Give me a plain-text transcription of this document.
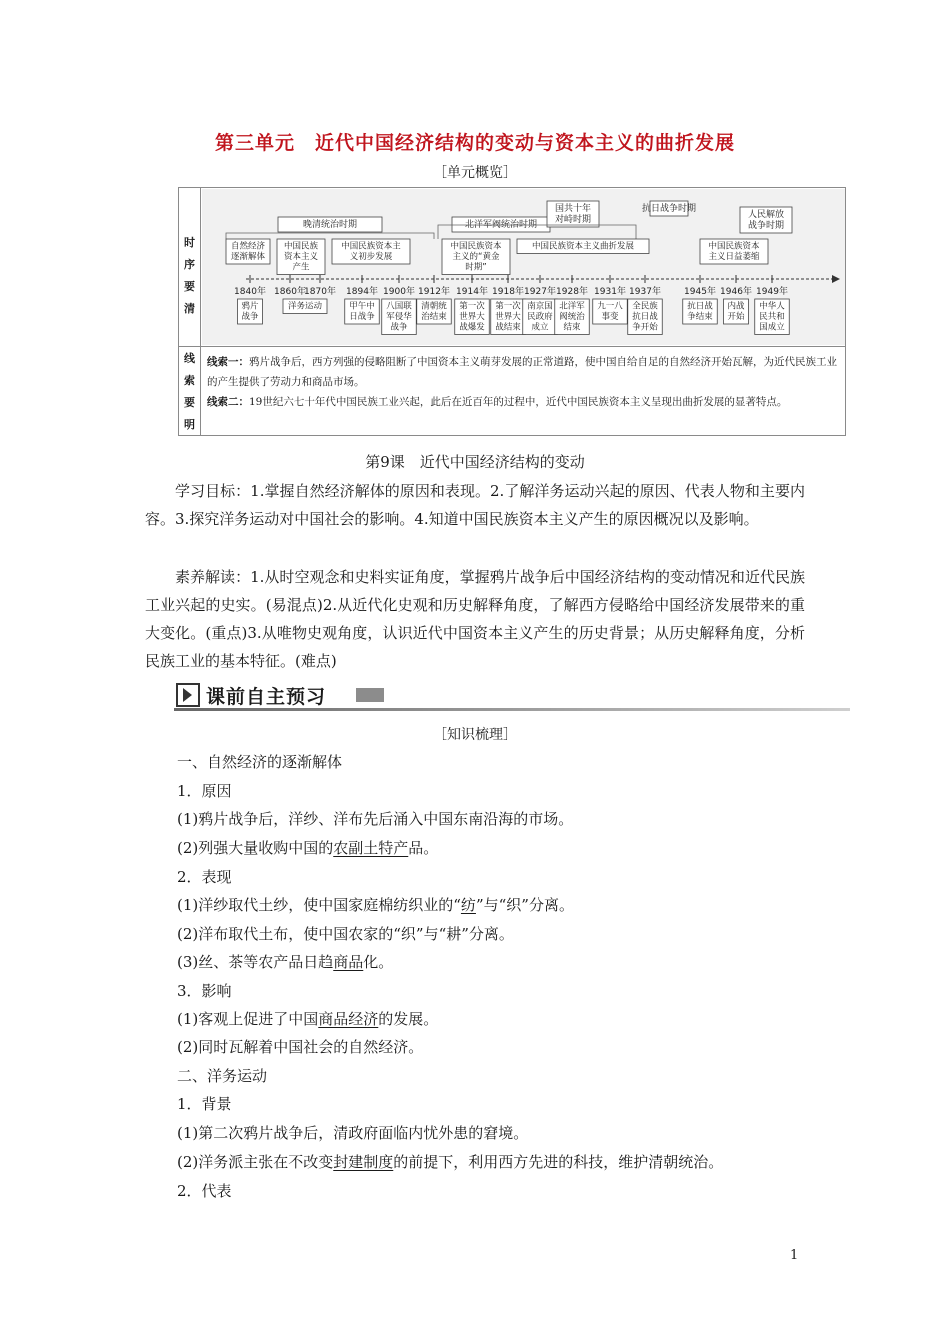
第三单元　近代中国经济结构的变动与资本主义的曲折发展
［单元概览］
时
序
要
清
线
索
要
明
晚清统治时期	北洋军阀统治时期
国共十年
对峙时期
抗日战争时期
人民解放
战争时期
自然经济
逐渐解体
中国民族
资本主义
产生
中国民族资本主
义初步发展
中国民族资本
主义的“黄金
时期”
中国民族资本主义曲折发展	中国民族资本
主义日益萎缩
1840年 1860年
1870年 1894年 1900年 1912年 1914年 1918年 1927年 1928年 1931年 1937年	1945年 1946年 1949年
鸦片
战争
洋务运动	甲午中
日战争
八国联
军侵华
战争
清朝统
治结束
第一次
世界大
战爆发
第一次
世界大
战结束
南京国
民政府
成立
北洋军
阀统治
结束
九一八
事变
全民族
抗日战
争开始
抗日战
争结束
内战
开始
中华人
民共和
国成立
线索一：鸦片战争后，西方列强的侵略阻断了中国资本主义萌芽发展的正常道路，使中国自给自足的自然经济开始瓦解，为近代民族工业的产生提供了劳动力和商品市场。
线索二：19世纪六七十年代中国民族工业兴起，此后在近百年的过程中，近代中国民族资本主义呈现出曲折发展的显著特点。
第9课　近代中国经济结构的变动
学习目标：1.掌握自然经济解体的原因和表现。2.了解洋务运动兴起的原因、代表人物和主要内容。3.探究洋务运动对中国社会的影响。4.知道中国民族资本主义产生的原因概况以及影响。
素养解读：1.从时空观念和史料实证角度，掌握鸦片战争后中国经济结构的变动情况和近代民族工业兴起的史实。(易混点)2.从近代化史观和历史解释角度，了解西方侵略给中国经济发展带来的重大变化。(重点)3.从唯物史观角度，认识近代中国资本主义产生的历史背景；从历史解释角度，分析民族工业的基本特征。(难点)
课前自主预习
［知识梳理］
一、自然经济的逐渐解体
1．原因
(1)鸦片战争后，洋纱、洋布先后涌入中国东南沿海的市场。
(2)列强大量收购中国的农副土特产品。
2．表现
(1)洋纱取代土纱，使中国家庭棉纺织业的“纺”与“织”分离。
(2)洋布取代土布，使中国农家的“织”与“耕”分离。
(3)丝、茶等农产品日趋商品化。
3．影响
(1)客观上促进了中国商品经济的发展。
(2)同时瓦解着中国社会的自然经济。
二、洋务运动
1．背景
(1)第二次鸦片战争后，清政府面临内忧外患的窘境。
(2)洋务派主张在不改变封建制度的前提下，利用西方先进的科技，维护清朝统治。
2．代表
1
